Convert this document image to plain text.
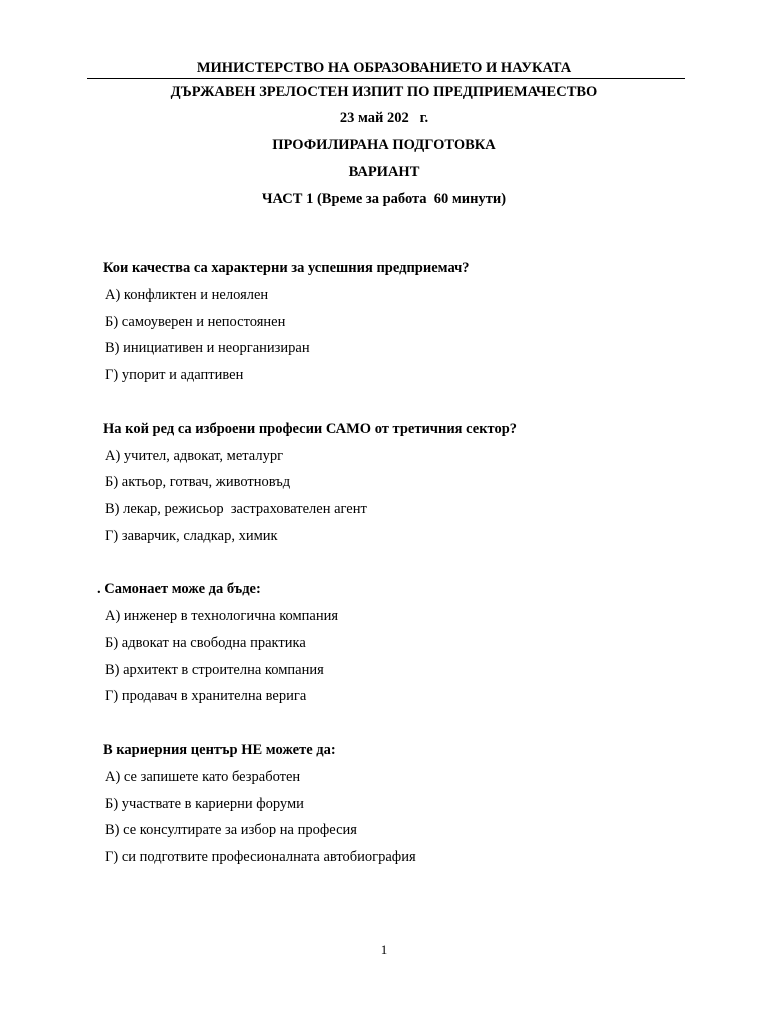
МИНИСТЕРСТВО НА ОБРАЗОВАНИЕТО И НАУКАТА
ДЪРЖАВЕН ЗРЕЛОСТЕН ИЗПИТ ПО ПРЕДПРИЕМАЧЕСТВО
23 май 202   г.
ПРОФИЛИРАНА ПОДГОТОВКА
ВАРИАНТ
ЧАСТ 1 (Време за работа  60 минути)
Кои качества са характерни за успешния предприемач?
А) конфликтен и нелоялен
Б) самоуверен и непостоянен
В) инициативен и неорганизиран
Г) упорит и адаптивен
На кой ред са изброени професии САМО от третичния сектор?
А) учител, адвокат, металург
Б) актьор, готвач, животновъд
В) лекар, режисьор  застрахователен агент
Г) заварчик, сладкар, химик
. Самонает може да бъде:
А) инженер в технологична компания
Б) адвокат на свободна практика
В) архитект в строителна компания
Г) продавач в хранителна верига
В кариерния център НЕ можете да:
А) се запишете като безработен
Б) участвате в кариерни форуми
В) се консултирате за избор на професия
Г) си подготвите професионалната автобиография
1
